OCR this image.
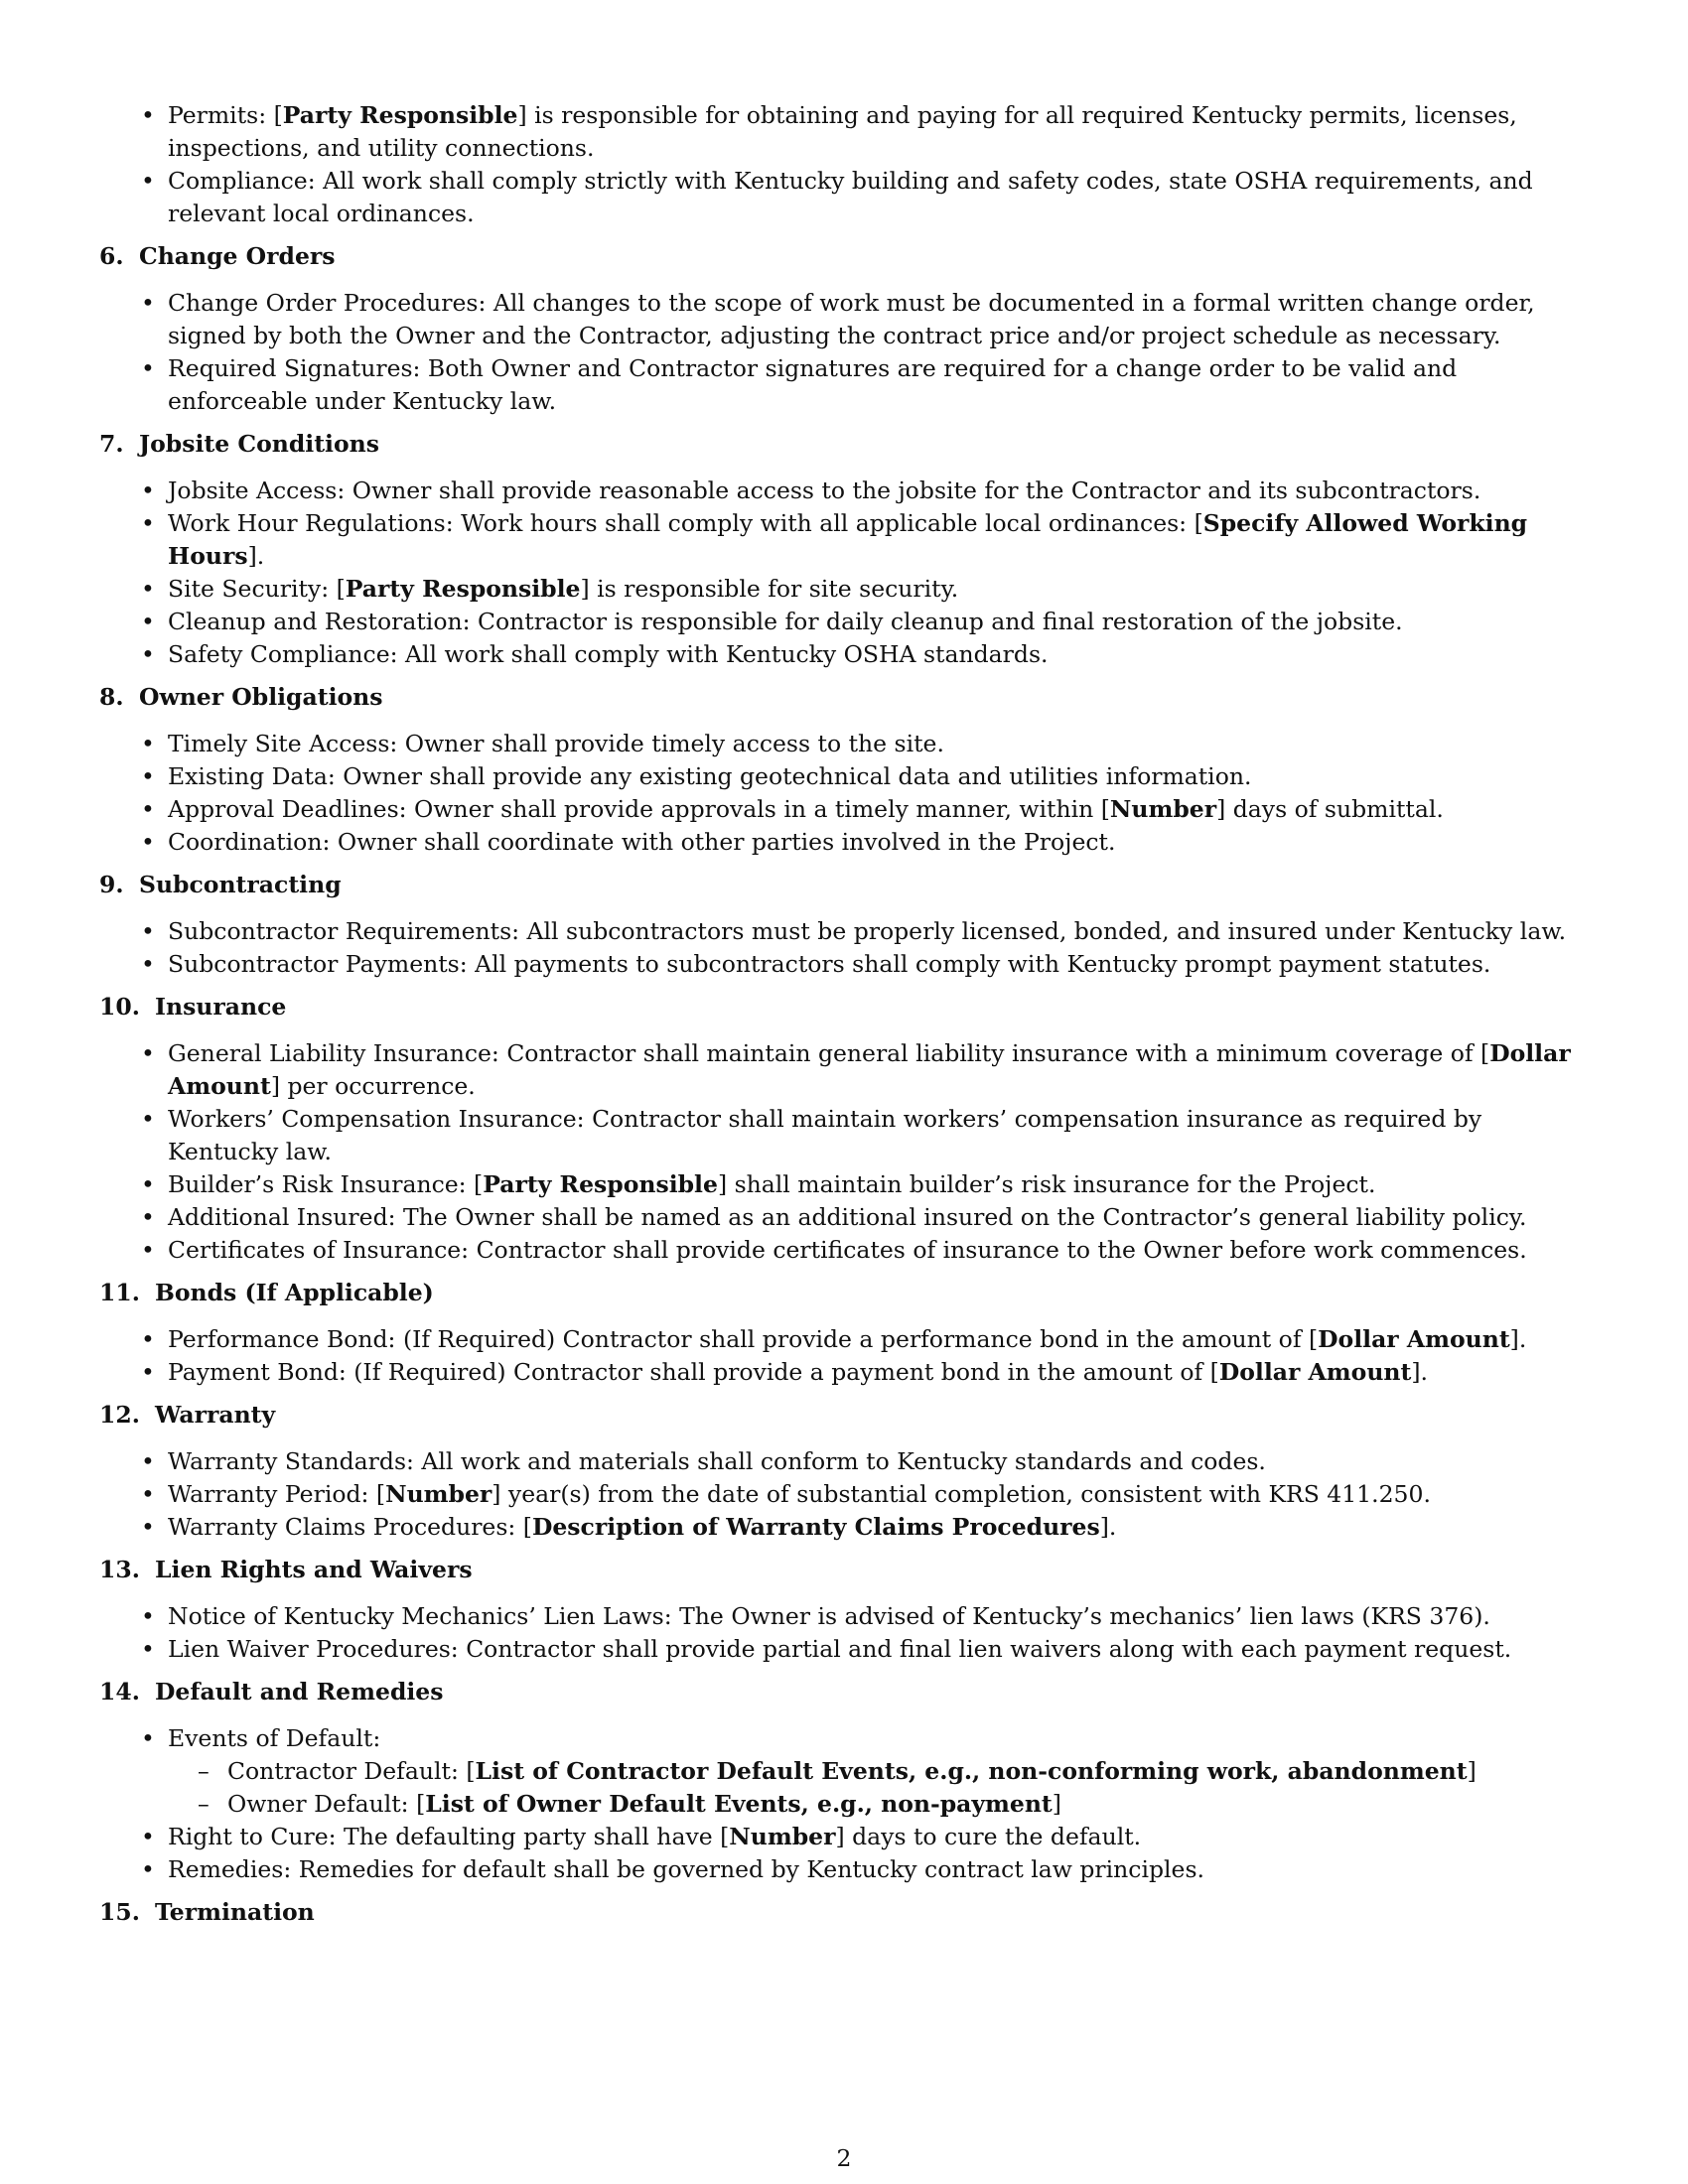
• Permits: [Party Responsible] is responsible for obtaining and paying for all required Kentucky permits, licenses, inspections, and utility connections.
• Compliance: All work shall comply strictly with Kentucky building and safety codes, state OSHA requirements, and relevant local ordinances.
6. Change Orders
• Change Order Procedures: All changes to the scope of work must be documented in a formal written change order, signed by both the Owner and the Contractor, adjusting the contract price and/or project schedule as necessary.
• Required Signatures: Both Owner and Contractor signatures are required for a change order to be valid and enforceable under Kentucky law.
7. Jobsite Conditions
• Jobsite Access: Owner shall provide reasonable access to the jobsite for the Contractor and its subcontractors.
• Work Hour Regulations: Work hours shall comply with all applicable local ordinances: [Specify Allowed Working Hours].
• Site Security: [Party Responsible] is responsible for site security.
• Cleanup and Restoration: Contractor is responsible for daily cleanup and final restoration of the jobsite.
• Safety Compliance: All work shall comply with Kentucky OSHA standards.
8. Owner Obligations
• Timely Site Access: Owner shall provide timely access to the site.
• Existing Data: Owner shall provide any existing geotechnical data and utilities information.
• Approval Deadlines: Owner shall provide approvals in a timely manner, within [Number] days of submittal.
• Coordination: Owner shall coordinate with other parties involved in the Project.
9. Subcontracting
• Subcontractor Requirements: All subcontractors must be properly licensed, bonded, and insured under Kentucky law.
• Subcontractor Payments: All payments to subcontractors shall comply with Kentucky prompt payment statutes.
10. Insurance
• General Liability Insurance: Contractor shall maintain general liability insurance with a minimum coverage of [Dollar Amount] per occurrence.
• Workers’ Compensation Insurance: Contractor shall maintain workers’ compensation insurance as required by Kentucky law.
• Builder’s Risk Insurance: [Party Responsible] shall maintain builder’s risk insurance for the Project.
• Additional Insured: The Owner shall be named as an additional insured on the Contractor’s general liability policy.
• Certificates of Insurance: Contractor shall provide certificates of insurance to the Owner before work commences.
11. Bonds (If Applicable)
• Performance Bond: (If Required) Contractor shall provide a performance bond in the amount of [Dollar Amount].
• Payment Bond: (If Required) Contractor shall provide a payment bond in the amount of [Dollar Amount].
12. Warranty
• Warranty Standards: All work and materials shall conform to Kentucky standards and codes.
• Warranty Period: [Number] year(s) from the date of substantial completion, consistent with KRS 411.250.
• Warranty Claims Procedures: [Description of Warranty Claims Procedures].
13. Lien Rights and Waivers
• Notice of Kentucky Mechanics’ Lien Laws: The Owner is advised of Kentucky’s mechanics’ lien laws (KRS 376).
• Lien Waiver Procedures: Contractor shall provide partial and final lien waivers along with each payment request.
14. Default and Remedies
• Events of Default:
– Contractor Default: [List of Contractor Default Events, e.g., non-conforming work, abandonment]
– Owner Default: [List of Owner Default Events, e.g., non-payment]
• Right to Cure: The defaulting party shall have [Number] days to cure the default.
• Remedies: Remedies for default shall be governed by Kentucky contract law principles.
15. Termination
2
